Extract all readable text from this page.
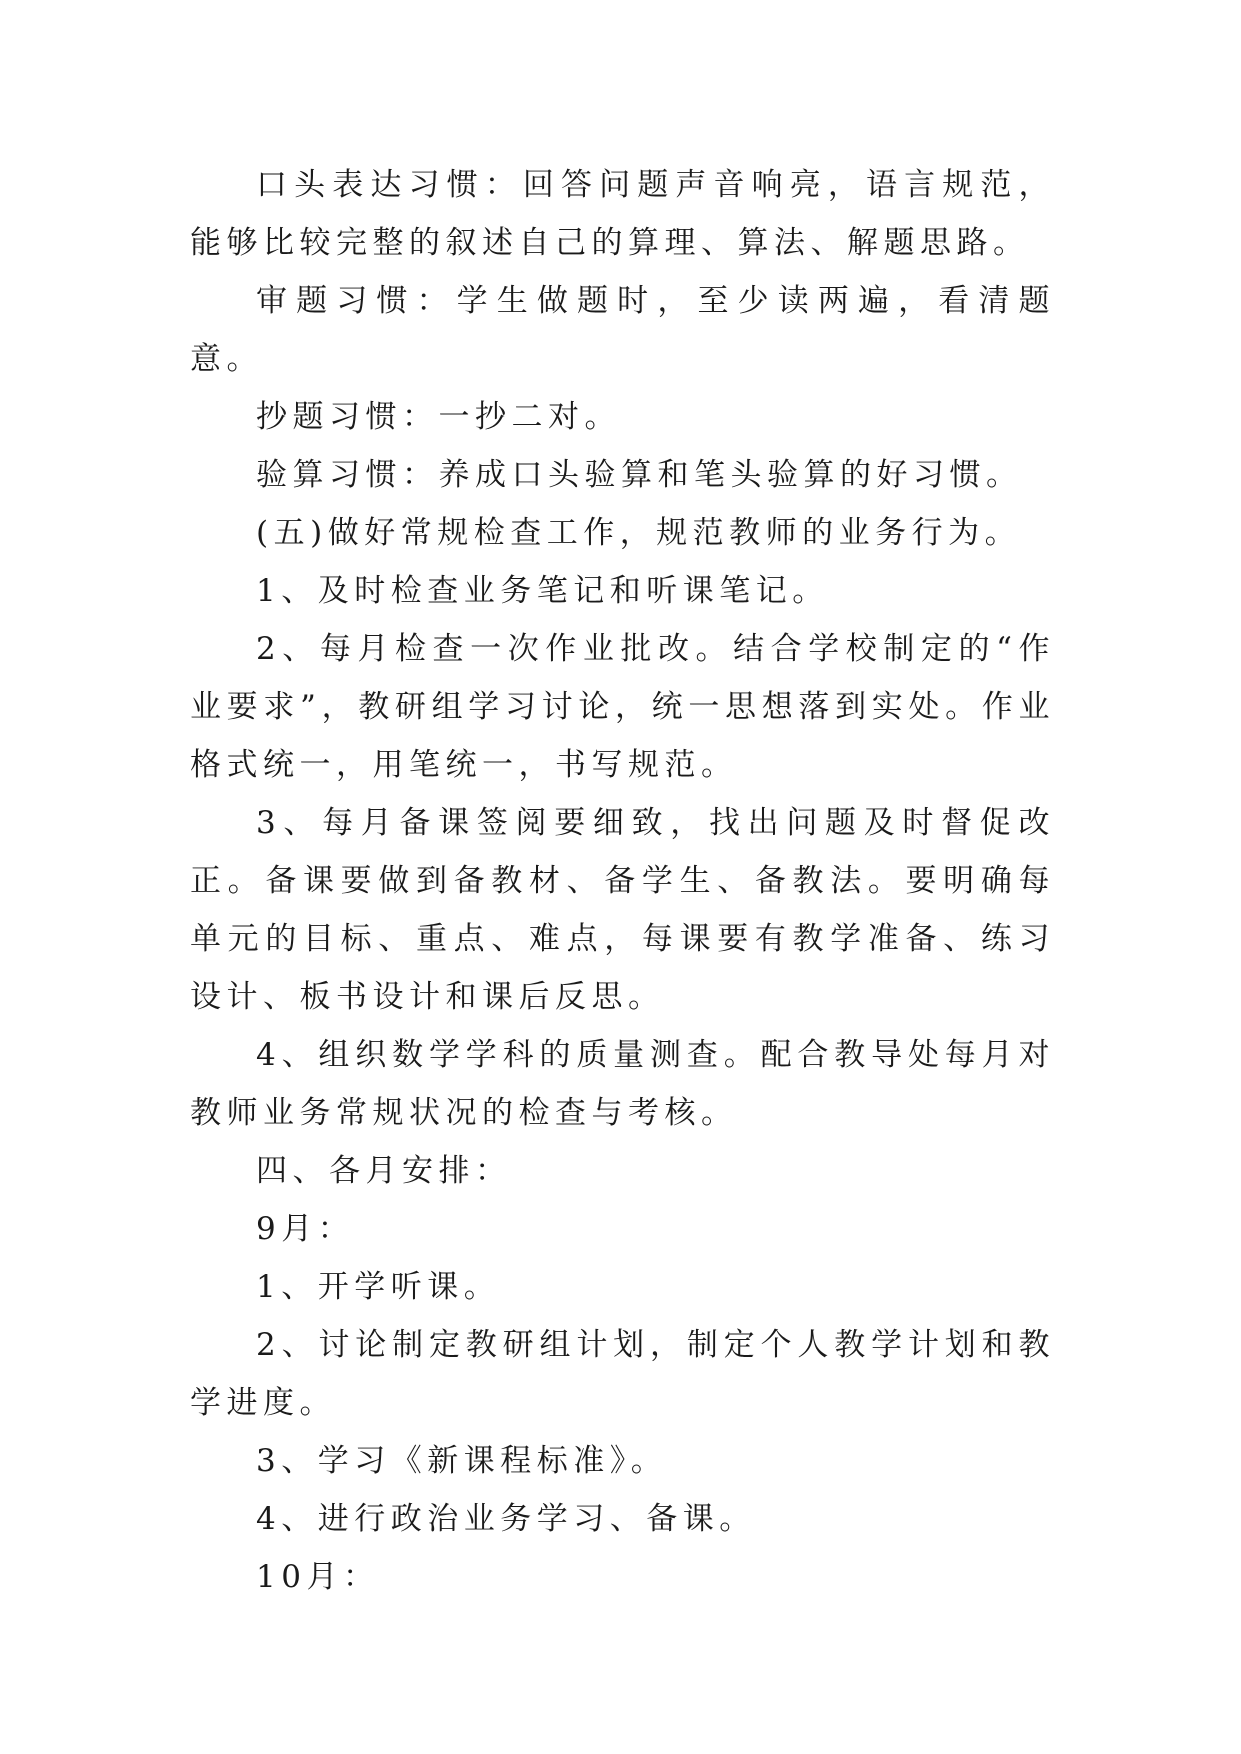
口头表达习惯：回答问题声音响亮，语言规范，能够比较完整的叙述自己的算理、算法、解题思路。

审题习惯：学生做题时，至少读两遍，看清题意。

抄题习惯：一抄二对。

验算习惯：养成口头验算和笔头验算的好习惯。

(五)做好常规检查工作，规范教师的业务行为。

1、及时检查业务笔记和听课笔记。

2、每月检查一次作业批改。结合学校制定的“作业要求”，教研组学习讨论，统一思想落到实处。作业格式统一，用笔统一，书写规范。

3、每月备课签阅要细致，找出问题及时督促改正。备课要做到备教材、备学生、备教法。要明确每单元的目标、重点、难点，每课要有教学准备、练习设计、板书设计和课后反思。

4、组织数学学科的质量测查。配合教导处每月对教师业务常规状况的检查与考核。

四、各月安排：

9月：

1、开学听课。

2、讨论制定教研组计划，制定个人教学计划和教学进度。

3、学习《新课程标准》。

4、进行政治业务学习、备课。

10月：
